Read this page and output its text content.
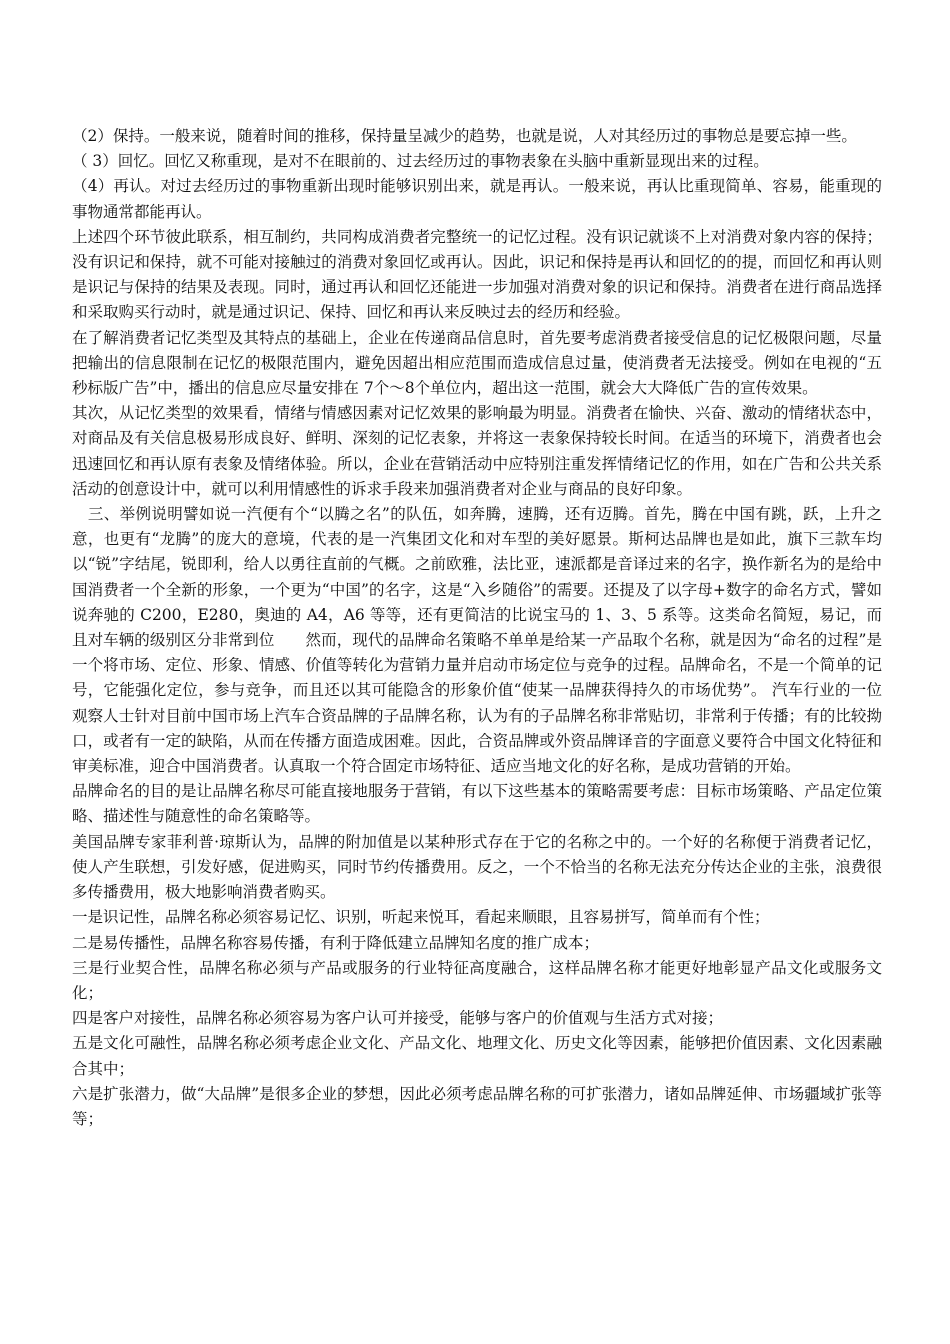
（2）保持。一般来说，随着时间的推移，保持量呈减少的趋势，也就是说，人对其经历过的事物总是要忘掉一些。

（ 3）回忆。回忆又称重现，是对不在眼前的、过去经历过的事物表象在头脑中重新显现出来的过程。

（4）再认。对过去经历过的事物重新出现时能够识别出来，就是再认。一般来说，再认比重现简单、容易，能重现的事物通常都能再认。

上述四个环节彼此联系，相互制约，共同构成消费者完整统一的记忆过程。没有识记就谈不上对消费对象内容的保持；没有识记和保持，就不可能对接触过的消费对象回忆或再认。因此，识记和保持是再认和回忆的的提，而回忆和再认则是识记与保持的结果及表现。同时，通过再认和回忆还能进一步加强对消费对象的识记和保持。消费者在进行商品选择和采取购买行动时，就是通过识记、保持、回忆和再认来反映过去的经历和经验。

在了解消费者记忆类型及其特点的基础上，企业在传递商品信息时，首先要考虑消费者接受信息的记忆极限问题，尽量把输出的信息限制在记忆的极限范围内，避免因超出相应范围而造成信息过量，使消费者无法接受。例如在电视的“五秒标版广告”中，播出的信息应尽量安排在 7个～8个单位内，超出这一范围，就会大大降低广告的宣传效果。

其次，从记忆类型的效果看，情绪与情感因素对记忆效果的影响最为明显。消费者在愉快、兴奋、激动的情绪状态中，对商品及有关信息极易形成良好、鲜明、深刻的记忆表象，并将这一表象保持较长时间。在适当的环境下，消费者也会迅速回忆和再认原有表象及情绪体验。所以，企业在营销活动中应特别注重发挥情绪记忆的作用，如在广告和公共关系活动的创意设计中，就可以利用情感性的诉求手段来加强消费者对企业与商品的良好印象。

　三、举例说明譬如说一汽便有个“以腾之名”的队伍，如奔腾，速腾，还有迈腾。首先，腾在中国有跳，跃，上升之意，也更有“龙腾”的庞大的意境，代表的是一汽集团文化和对车型的美好愿景。斯柯达品牌也是如此，旗下三款车均以“锐”字结尾，锐即利，给人以勇往直前的气概。之前欧雅，法比亚，速派都是音译过来的名字，换作新名为的是给中国消费者一个全新的形象，一个更为“中国”的名字，这是“入乡随俗”的需要。还提及了以字母+数字的命名方式，譬如说奔驰的 C200，E280，奥迪的 A4，A6 等等，还有更简洁的比说宝马的 1、3、5 系等。这类命名简短，易记，而且对车辆的级别区分非常到位　　然而，现代的品牌命名策略不单单是给某一产品取个名称，就是因为“命名的过程”是一个将市场、定位、形象、情感、价值等转化为营销力量并启动市场定位与竞争的过程。品牌命名，不是一个简单的记号，它能强化定位，参与竞争，而且还以其可能隐含的形象价值“使某一品牌获得持久的市场优势”。 汽车行业的一位观察人士针对目前中国市场上汽车合资品牌的子品牌名称，认为有的子品牌名称非常贴切，非常利于传播；有的比较拗口，或者有一定的缺陷，从而在传播方面造成困难。因此，合资品牌或外资品牌译音的字面意义要符合中国文化特征和审美标准，迎合中国消费者。认真取一个符合固定市场特征、适应当地文化的好名称，是成功营销的开始。

品牌命名的目的是让品牌名称尽可能直接地服务于营销，有以下这些基本的策略需要考虑：目标市场策略、产品定位策略、描述性与随意性的命名策略等。

美国品牌专家菲利普·琼斯认为，品牌的附加值是以某种形式存在于它的名称之中的。一个好的名称便于消费者记忆，使人产生联想，引发好感，促进购买，同时节约传播费用。反之，一个不恰当的名称无法充分传达企业的主张，浪费很多传播费用，极大地影响消费者购买。

一是识记性，品牌名称必须容易记忆、识别，听起来悦耳，看起来顺眼，且容易拼写，简单而有个性；

二是易传播性，品牌名称容易传播，有利于降低建立品牌知名度的推广成本；

三是行业契合性，品牌名称必须与产品或服务的行业特征高度融合，这样品牌名称才能更好地彰显产品文化或服务文化；

四是客户对接性，品牌名称必须容易为客户认可并接受，能够与客户的价值观与生活方式对接；

五是文化可融性，品牌名称必须考虑企业文化、产品文化、地理文化、历史文化等因素，能够把价值因素、文化因素融合其中；

六是扩张潜力，做“大品牌”是很多企业的梦想，因此必须考虑品牌名称的可扩张潜力，诸如品牌延伸、市场疆域扩张等等；
